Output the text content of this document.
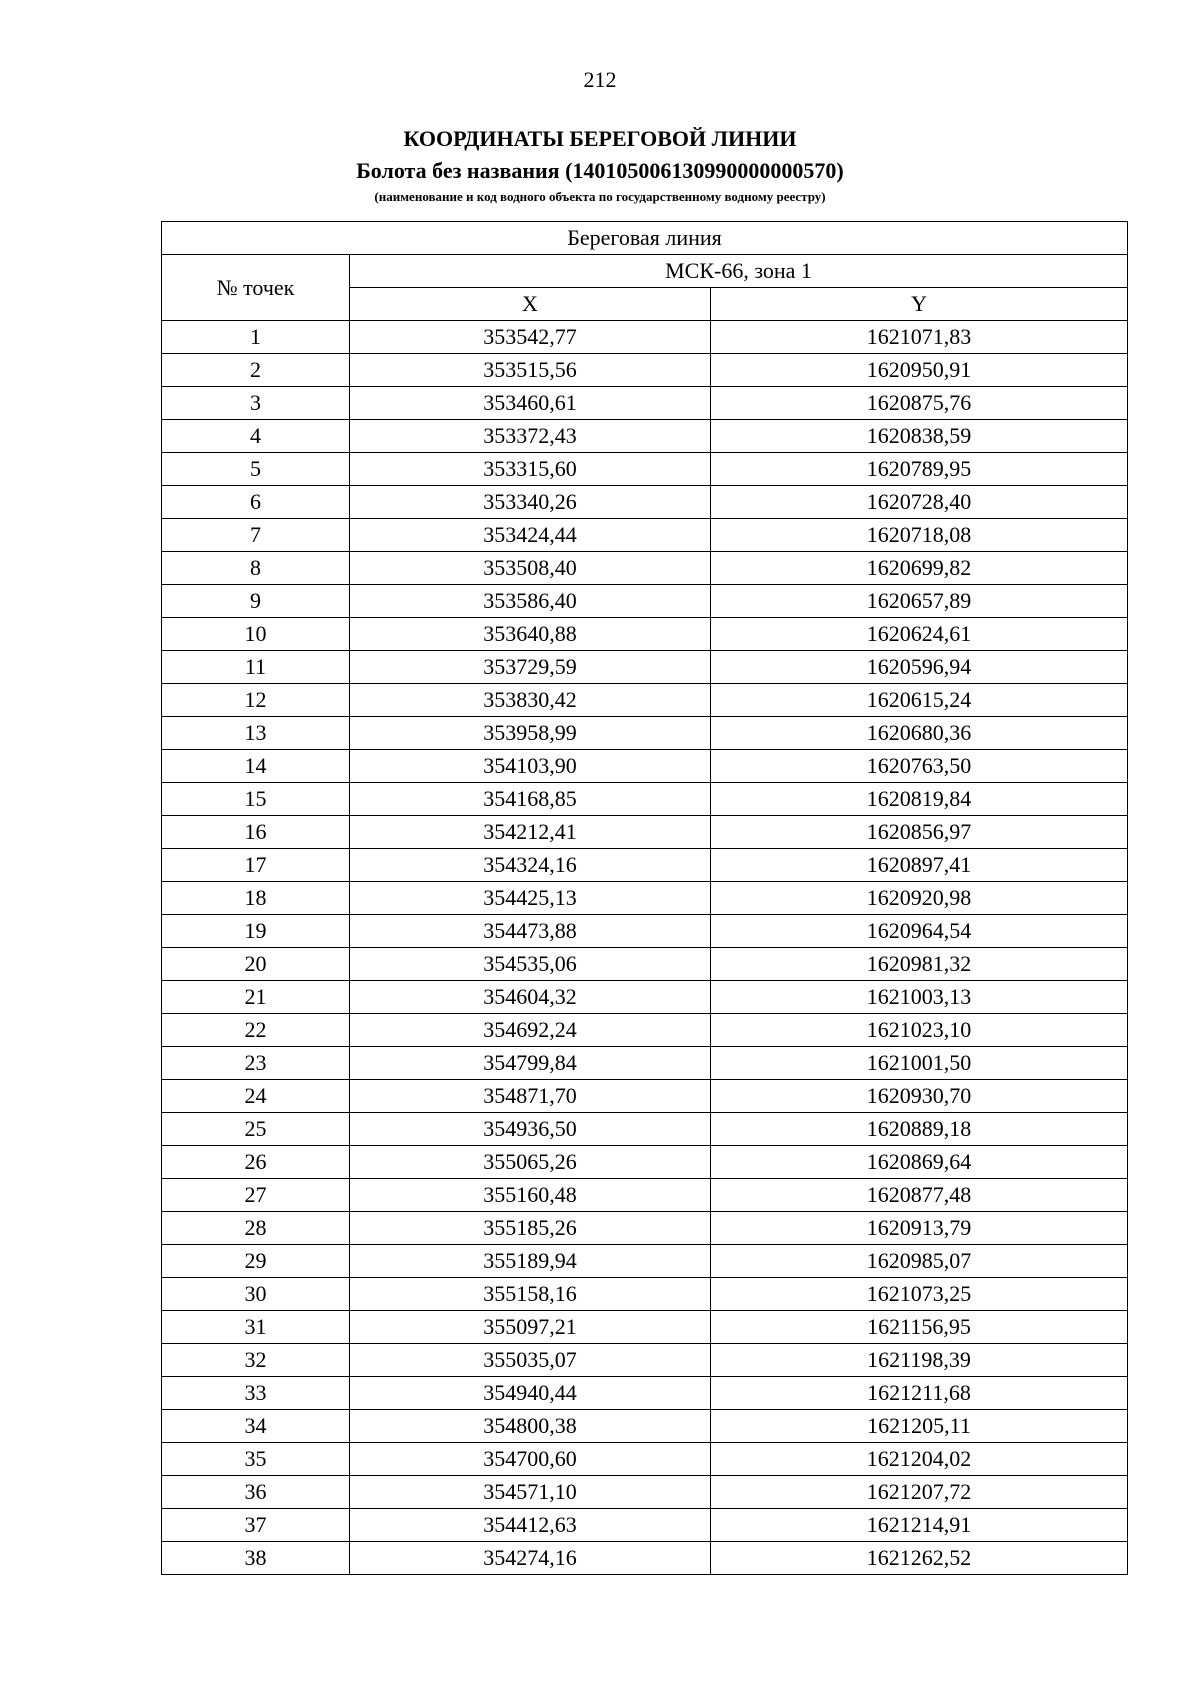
212

КООРДИНАТЫ БЕРЕГОВОЙ ЛИНИИ

Болота без названия (140105006130990000000570)

(наименование и код водного объекта по государственному водному реестру)

Береговая линия		
№ точек	МСК-66, зона 1	
	X	Y
1	353542,77	1621071,83
2	353515,56	1620950,91
3	353460,61	1620875,76
4	353372,43	1620838,59
5	353315,60	1620789,95
6	353340,26	1620728,40
7	353424,44	1620718,08
8	353508,40	1620699,82
9	353586,40	1620657,89
10	353640,88	1620624,61
11	353729,59	1620596,94
12	353830,42	1620615,24
13	353958,99	1620680,36
14	354103,90	1620763,50
15	354168,85	1620819,84
16	354212,41	1620856,97
17	354324,16	1620897,41
18	354425,13	1620920,98
19	354473,88	1620964,54
20	354535,06	1620981,32
21	354604,32	1621003,13
22	354692,24	1621023,10
23	354799,84	1621001,50
24	354871,70	1620930,70
25	354936,50	1620889,18
26	355065,26	1620869,64
27	355160,48	1620877,48
28	355185,26	1620913,79
29	355189,94	1620985,07
30	355158,16	1621073,25
31	355097,21	1621156,95
32	355035,07	1621198,39
33	354940,44	1621211,68
34	354800,38	1621205,11
35	354700,60	1621204,02
36	354571,10	1621207,72
37	354412,63	1621214,91
38	354274,16	1621262,52
